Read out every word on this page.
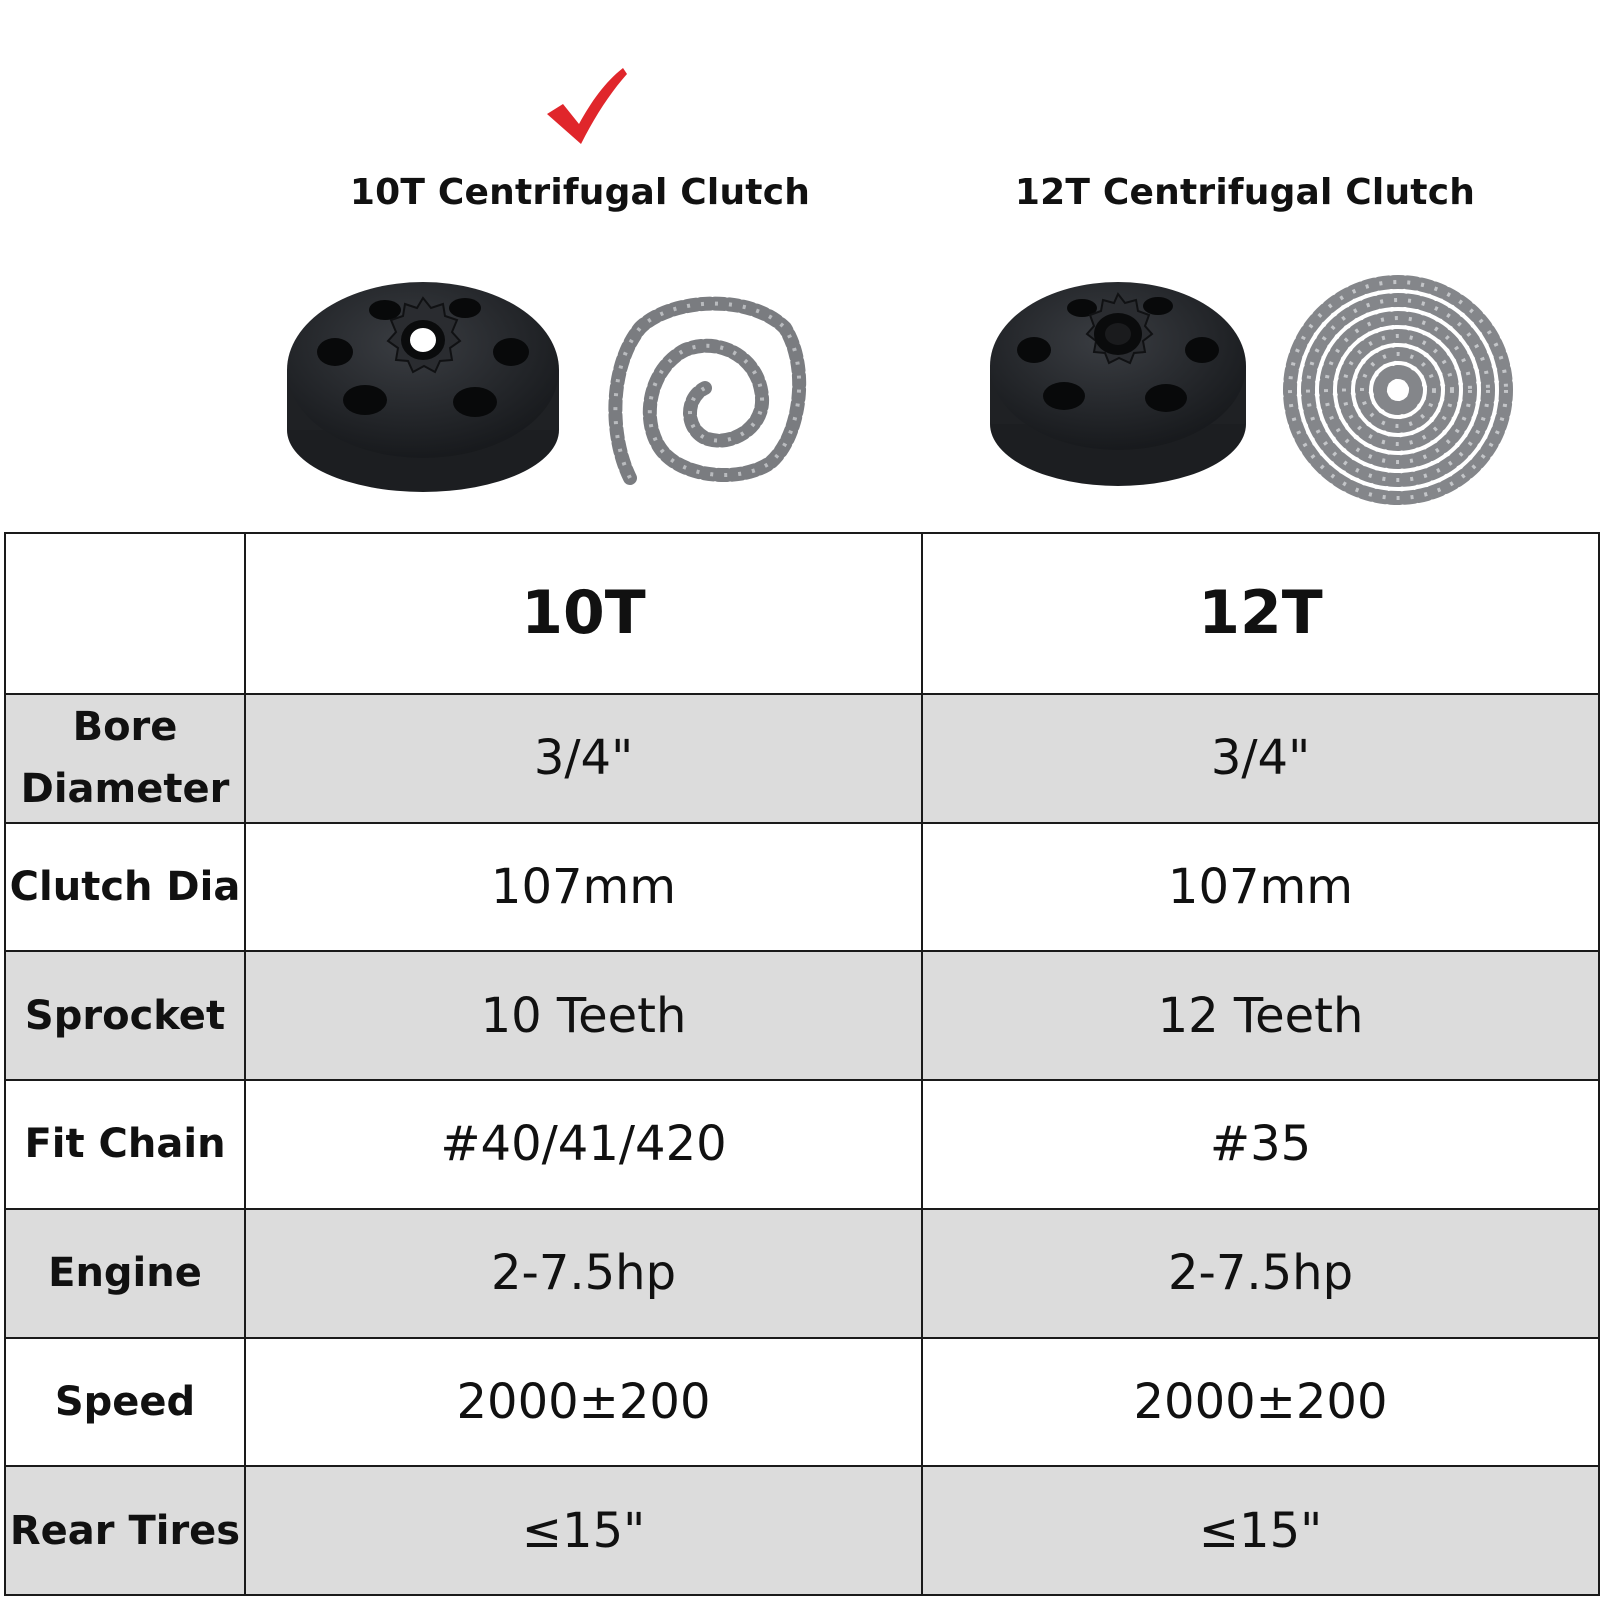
10T Centrifugal Clutch	12T Centrifugal Clutch
	10T	12T
Bore Diameter	3/4"	3/4"
Clutch Dia	107mm	107mm
Sprocket	10 Teeth	12 Teeth
Fit Chain	#40/41/420	#35
Engine	2-7.5hp	2-7.5hp
Speed	2000±200	2000±200
Rear Tires	≤15"	≤15"
